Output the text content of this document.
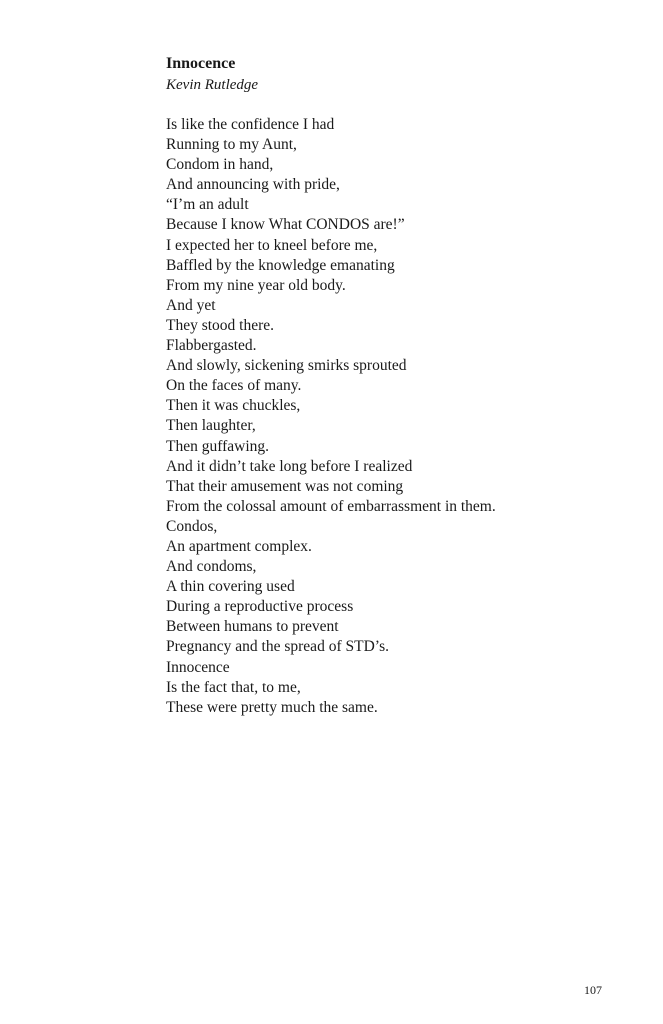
Innocence

Kevin Rutledge

Is like the confidence I had
Running to my Aunt,
Condom in hand,
And announcing with pride,
“I’m an adult
Because I know What CONDOS are!”
I expected her to kneel before me,
Baffled by the knowledge emanating
From my nine year old body.
And yet
They stood there.
Flabbergasted.
And slowly, sickening smirks sprouted
On the faces of many.
Then it was chuckles,
Then laughter,
Then guffawing.
And it didn’t take long before I realized
That their amusement was not coming
From the colossal amount of embarrassment in them.
Condos,
An apartment complex.
And condoms,
A thin covering used
During a reproductive process
Between humans to prevent
Pregnancy and the spread of STD’s.
Innocence
Is the fact that, to me,
These were pretty much the same.
107
